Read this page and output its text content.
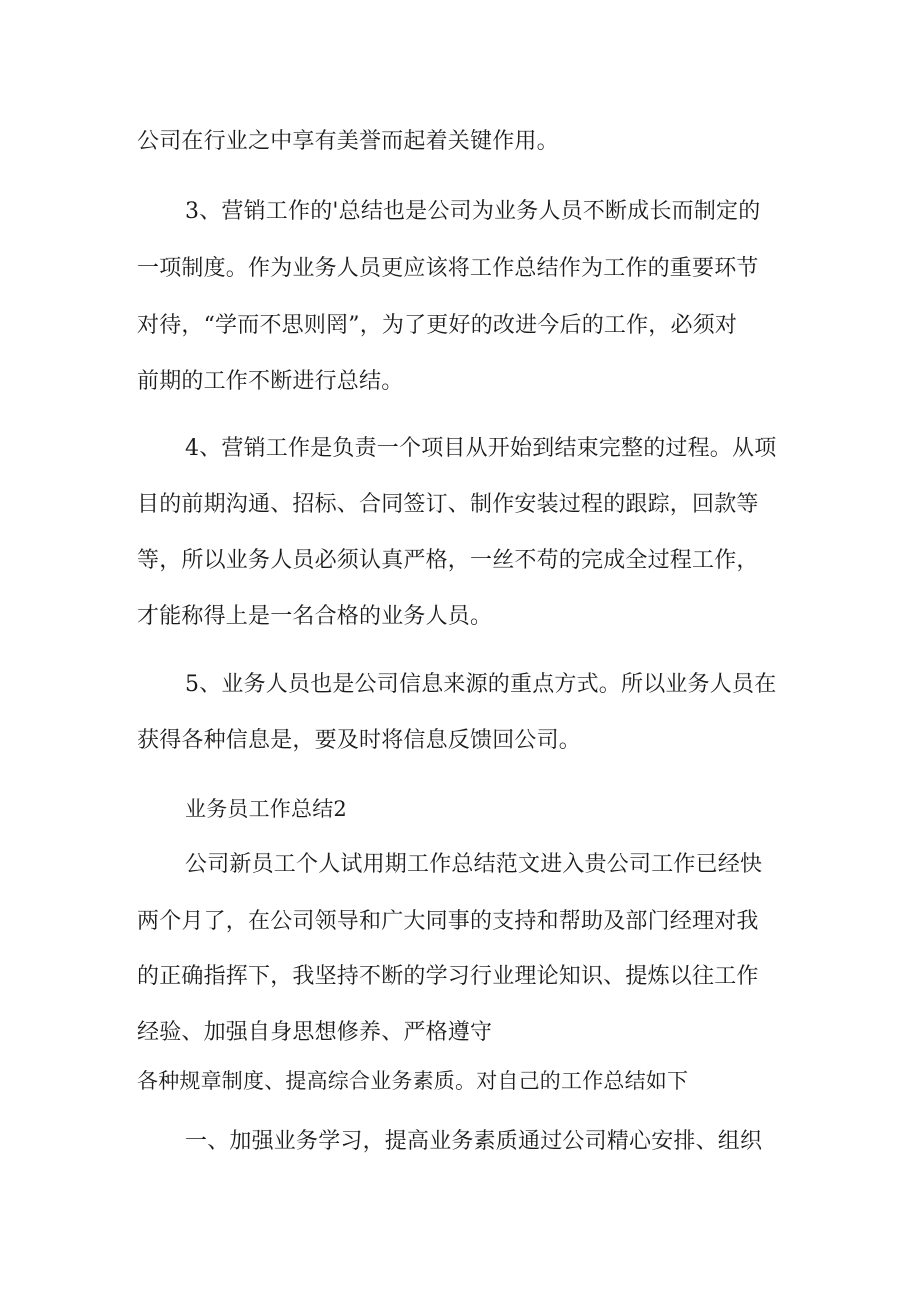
公司在行业之中享有美誉而起着关键作用。
3、营销工作的'总结也是公司为业务人员不断成长而制定的
一项制度。作为业务人员更应该将工作总结作为工作的重要环节
对待，“学而不思则罔”，为了更好的改进今后的工作，必须对
前期的工作不断进行总结。
4、营销工作是负责一个项目从开始到结束完整的过程。从项
目的前期沟通、招标、合同签订、制作安装过程的跟踪，回款等
等，所以业务人员必须认真严格，一丝不苟的完成全过程工作，
才能称得上是一名合格的业务人员。
5、业务人员也是公司信息来源的重点方式。所以业务人员在
获得各种信息是，要及时将信息反馈回公司。
业务员工作总结2
公司新员工个人试用期工作总结范文进入贵公司工作已经快
两个月了，在公司领导和广大同事的支持和帮助及部门经理对我
的正确指挥下，我坚持不断的学习行业理论知识、提炼以往工作
经验、加强自身思想修养、严格遵守
各种规章制度、提高综合业务素质。对自己的工作总结如下
一、加强业务学习，提高业务素质通过公司精心安排、组织
